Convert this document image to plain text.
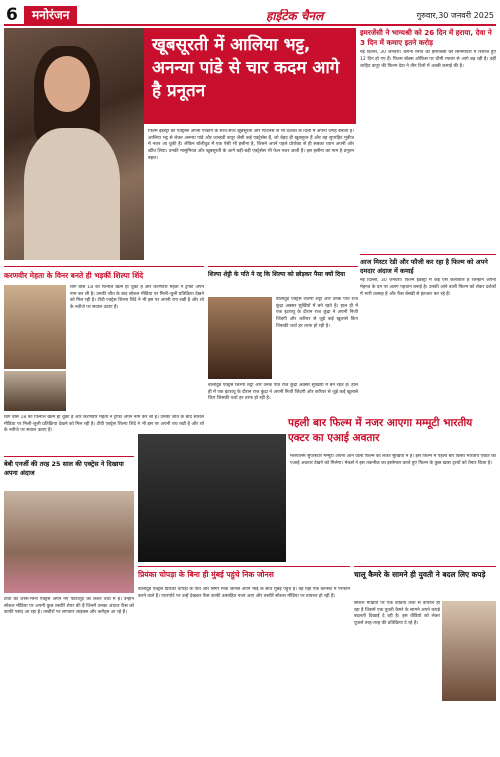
6	मनोरंजन	हाईटेक चैनल	गुरुवार,30 जनवरी 2025
खूबसूरती में आलिया भट्ट, अनन्या पांडे से चार कदम आगे है प्रनूतन

फिल्म इंडस्ट्री की एक्ट्रेस्स अपनी एक्टिंग के साथ-साथ खूबसूरती और फिटनेस से भी दर्शकों के दिलों में अपनी जगह बनाती हैं। आलिया भट्ट से लेकर अनन्या पांडे और जान्हवी कपूर जैसी कई एक्ट्रेसेस हैं, जो बेहद ही खूबसूरत हैं और वह सुपरहिट मूवीज में नजर आ चुकी हैं। लेकिन बॉलीवुड में एक ऐसी भी हसीना है, जिसने अपने पहले प्रोजेक्ट से ही सबका ध्यान अपनी ओर खींच लिया। उनकी मासूमियत और खूबसूरती के आगे बड़ी-बड़ी एक्ट्रेसेस भी फेल नजर आती हैं। इस हसीना का नाम है प्रनूतन बहल।

इमरजेंसी ने भाग्यश्री को 26 दिन में हराया, देवा ने 3 दिन में कमाए इतने करोड़

नई दिल्ली, 30 जनवरी। कंगना रनौत की इमरजेंसी को सिनेमाघरों में रिलीज हुए 12 दिन हो गए हैं। फिल्म बॉक्स ऑफिस पर धीमी रफ्तार से आगे बढ़ रही है। वहीं शाहिद कपूर की फिल्म देवा ने तीन दिनों में अच्छी कमाई की है।

आज मिस्टर रेडी और फौजी कर रहा है फिल्म को अपने दमदार अंदाज में कमाई

नई दिल्ली, 30 जनवरी। फिल्म इंडस्ट्री में कई ऐसे कलाकार हैं जिन्होंने अपनी मेहनत के दम पर अलग पहचान बनाई है। उनकी आने वाली फिल्म को लेकर दर्शकों में भारी उत्साह है और फैंस बेसब्री से इंतजार कर रहे हैं।

करणवीर मेहता के विनर बनते ही भड़कीं शिल्पा शिंदे

बिग बॉस 18 का फिनाले खत्म हो चुका है और करणवीर मेहता ने ट्रॉफी अपने नाम कर ली है। उनकी जीत के बाद सोशल मीडिया पर मिली-जुली प्रतिक्रिया देखने को मिल रही है। टीवी एक्ट्रेस शिल्पा शिंदे ने भी इस पर अपनी राय रखी है और शो के नतीजे पर सवाल उठाए हैं।

बिग बॉस 18 का फिनाले खत्म हो चुका है और करणवीर मेहता ने ट्रॉफी अपने नाम कर ली है। उनकी जीत के बाद सोशल मीडिया पर मिली-जुली प्रतिक्रिया देखने को मिल रही है। टीवी एक्ट्रेस शिल्पा शिंदे ने भी इस पर अपनी राय रखी है और शो के नतीजे पर सवाल उठाए हैं।

शिल्पा शेट्टी के पति ने रद्द कि शिल्पा को छोड़कर पैसा क्यों दिया

बॉलीवुड एक्ट्रेस शिल्पा शेट्टी और उनके पति राज कुंद्रा अक्सर सुर्खियों में बने रहते हैं। हाल ही में एक इंटरव्यू के दौरान राज कुंद्रा ने अपनी निजी जिंदगी और करियर से जुड़े कई खुलासे किए जिसकी चर्चा हर तरफ हो रही है।

बॉलीवुड एक्ट्रेस शिल्पा शेट्टी और उनके पति राज कुंद्रा अक्सर सुर्खियों में बने रहते हैं। हाल ही में एक इंटरव्यू के दौरान राज कुंद्रा ने अपनी निजी जिंदगी और करियर से जुड़े कई खुलासे किए जिसकी चर्चा हर तरफ हो रही है।

बेबी एनर्जी की तरह 25 साल की एक्ट्रेस ने दिखाया अपना अंदाज

टीवी की जानी-मानी एक्ट्रेस अपने नए फोटोशूट को लेकर चर्चा में हैं। उन्होंने सोशल मीडिया पर अपनी कुछ तस्वीरें शेयर की हैं जिनमें उनका अंदाज फैंस को काफी पसंद आ रहा है। तस्वीरों पर लगातार लाइक्स और कमेंट्स आ रहे हैं।

पहली बार फिल्म में नजर आएगा मम्मूटी भारतीय एक्टर का एआई अवतार

मलयालम सुपरस्टार मम्मूटी अपनी आने वाली फिल्म को लेकर सुर्खियों में हैं। इस फिल्म में पहली बार किसी भारतीय एक्टर का एआई अवतार देखने को मिलेगा। मेकर्स ने इस तकनीक का इस्तेमाल करते हुए फिल्म के कुछ खास दृश्यों को तैयार किया है।

प्रियंका चोपड़ा के बिना ही मुंबई पहुंचे निक जोनस

बॉलीवुड एक्ट्रेस प्रियंका चोपड़ा के पति और सिंगर निक जोनस अपने भाई के साथ मुंबई पहुंचे हैं। वह यहां एक कॉन्सर्ट में परफॉर्म करने वाले हैं। एयरपोर्ट पर उन्हें देखकर फैंस काफी उत्साहित नजर आए और तस्वीरें सोशल मीडिया पर वायरल हो रही हैं।

चालू कैमरे के सामने ही युवती ने बदल लिए कपड़े

सोशल मीडिया पर एक वीडियो तेजी से वायरल हो रहा है जिसमें एक युवती कैमरे के सामने अपने कपड़े बदलती दिखाई दे रही है। इस वीडियो को लेकर यूजर्स तरह-तरह की प्रतिक्रिया दे रहे हैं।
